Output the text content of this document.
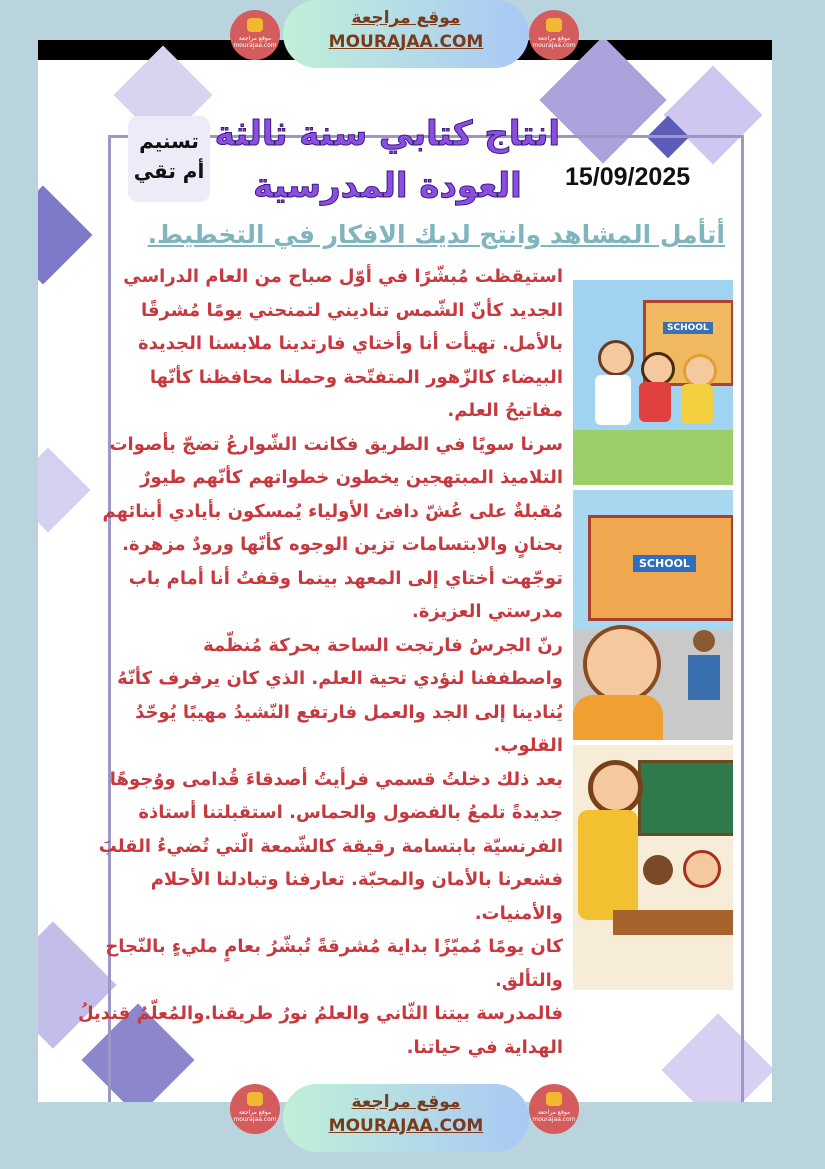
موقع مراجعة
MOURAJAA.COM
موقع مراجعة mourajaa.com
موقع مراجعة mourajaa.com
انتاج كتابي سنة ثالثة
العودة المدرسية	15/09/2025
تسنيم
أم تقي
أتأمل المشاهد وانتج لديك الافكار في التخطيط.
استيقظت مُبشّرًا في أوّل صباح من العام الدراسي
الجديد كأنّ الشّمس تناديني لتمنحني يومًا مُشرقًا
بالأمل. تهيأت أنا وأختاي فارتدينا ملابسنا الجديدة
البيضاء كالزّهور المتفتّحة وحملنا محافظنا كأنّها
مفاتيحُ العلم.
سرنا سويًا في الطريق فكانت الشّوارعُ تضجّ بأصوات
التلاميذ المبتهجين يخطون خطواتهم كأنّهم طيورٌ
مُقبلةٌ على عُشّ دافئ الأولياء يُمسكون بأيادي أبنائهم
بحنانٍ والابتسامات تزين الوجوه كأنّها ورودٌ مزهرة.
توجّهت أختاي إلى المعهد بينما وقفتُ أنا أمام باب
مدرستي العزيزة.
رنّ الجرسُ فارتجت الساحة بحركة مُنظّمة
واصطففنا لنؤدي تحية العلم. الذي كان يرفرف كأنّهُ
يُنادينا إلى الجد والعمل فارتفع النّشيدُ مهيبًا يُوحّدُ
القلوب.
بعد ذلك دخلتُ قسمي فرأيتُ أصدقاءَ قُدامى ووُجوهًا
جديدةً تلمعُ بالفضول والحماس. استقبلتنا أستاذة
الفرنسيّة بابتسامة رقيقة كالشّمعة الّتي تُضيءُ القلبَ
فشعرنا بالأمان والمحبّة. تعارفنا وتبادلنا الأحلام
والأمنيات.
كان يومًا مُميّزًا بداية مُشرقةً تُبشّرُ بعامٍ مليءٍ بالنّجاح
والتألق.
فالمدرسة بيتنا الثّاني والعلمُ نورُ طريقنا.والمُعلّمُ قنديلُ
الهداية في حياتنا.
SCHOOL
SCHOOL
موقع مراجعة
MOURAJAA.COM
موقع مراجعة mourajaa.com
موقع مراجعة mourajaa.com
